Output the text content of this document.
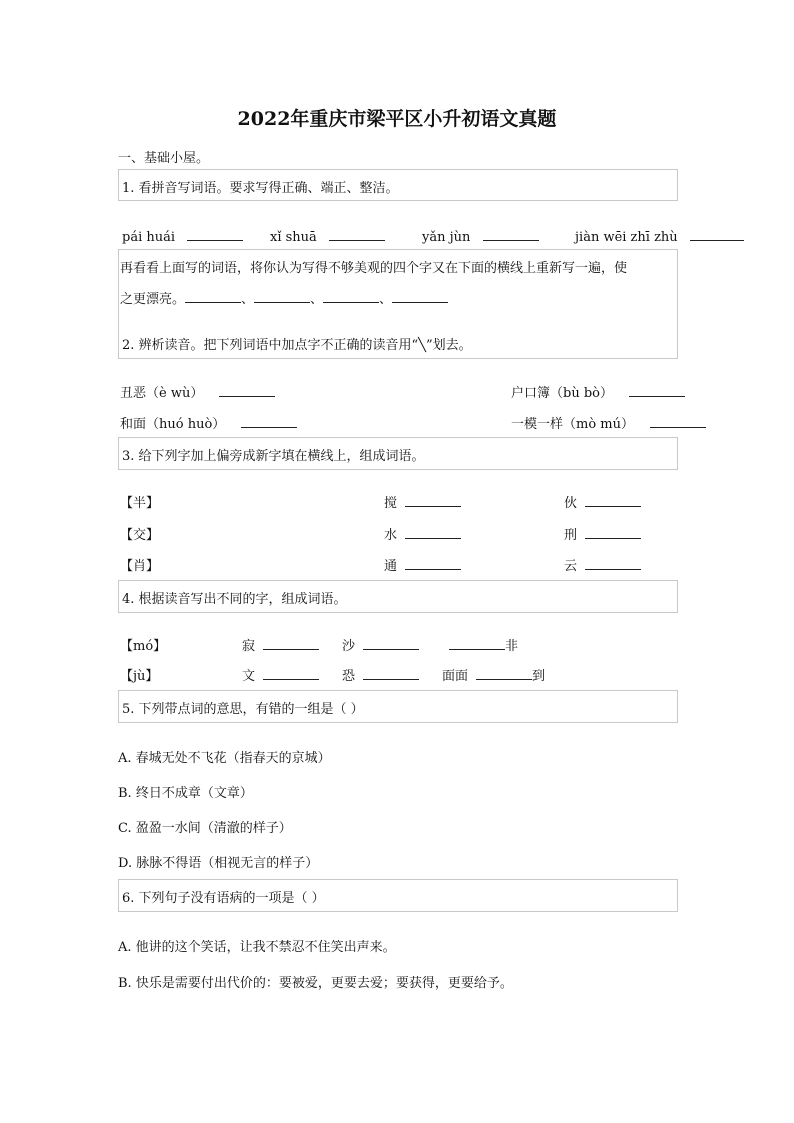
2022年重庆市梁平区小升初语文真题
一、基础小屋。
1. 看拼音写词语。要求写得正确、端正、整洁。
pái huái	xǐ shuā	yǎn jùn	jiàn wēi zhī zhù
再看看上面写的词语，将你认为写得不够美观的四个字又在下面的横线上重新写一遍，使
之更漂亮。	、	、	、
2. 辨析读音。把下列词语中加点字不正确的读音用“╲”划去。
丑恶（è wù）	户口簿（bù bò）
和面（huó huò）	一模一样（mò mú）
3. 给下列字加上偏旁成新字填在横线上，组成词语。
【半】	搅	伙
【交】	水	刑
【肖】	通	云
4. 根据读音写出不同的字，组成词语。
【mó】	寂	沙	非
【jù】	文	恐	面面	到
5. 下列带点词的意思，有错的一组是（ ）
A. 春城无处不飞花（指春天的京城）
B. 终日不成章（文章）
C. 盈盈一水间（清澈的样子）
D. 脉脉不得语（相视无言的样子）
6. 下列句子没有语病的一项是（ ）
A. 他讲的这个笑话，让我不禁忍不住笑出声来。
B. 快乐是需要付出代价的：要被爱，更要去爱；要获得，更要给予。
